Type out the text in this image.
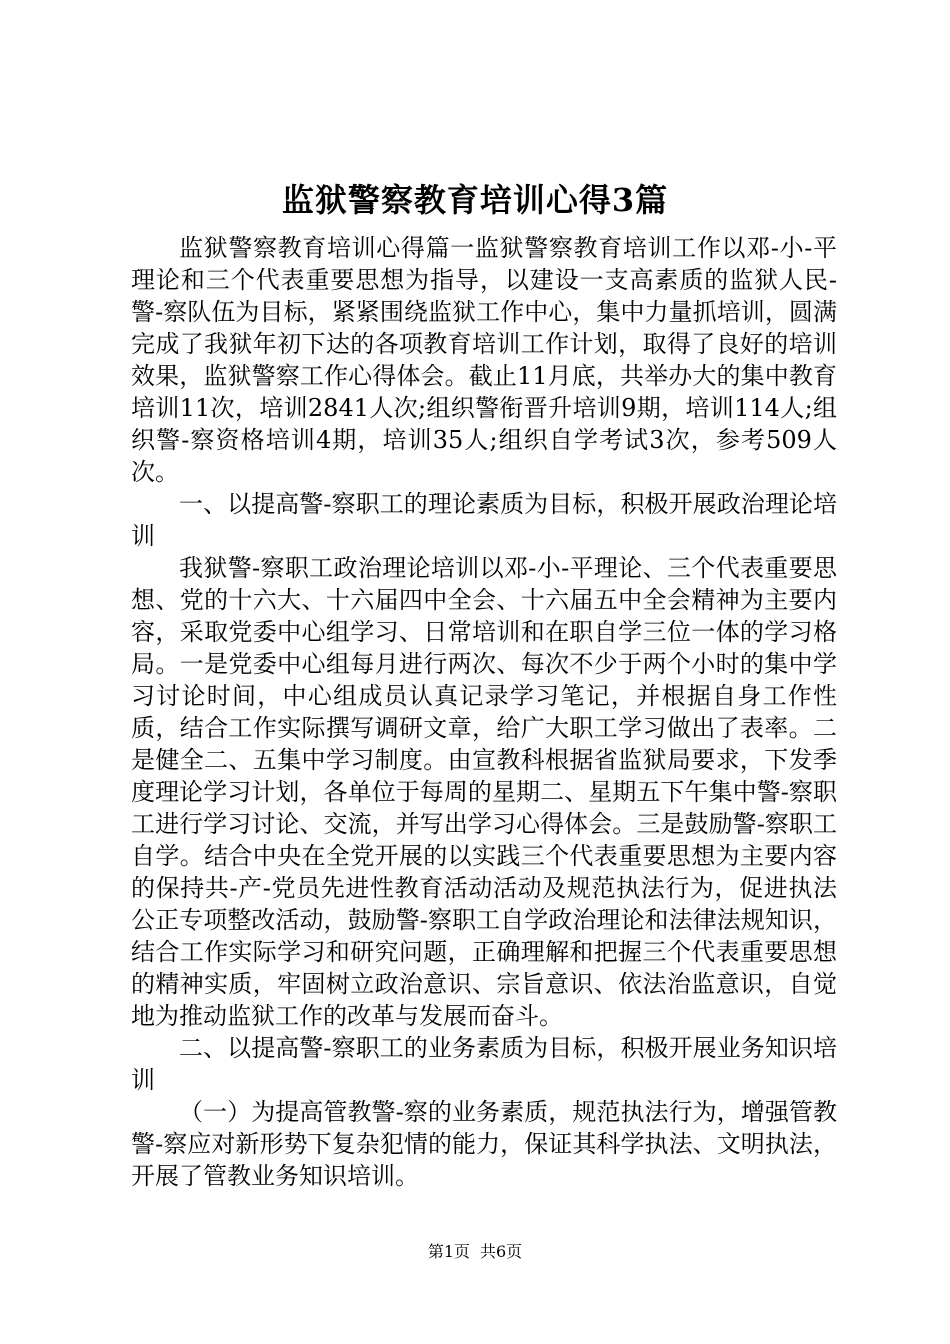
监狱警察教育培训心得3篇

监狱警察教育培训心得篇一监狱警察教育培训工作以邓-小-平理论和三个代表重要思想为指导，以建设一支高素质的监狱人民-警-察队伍为目标，紧紧围绕监狱工作中心，集中力量抓培训，圆满完成了我狱年初下达的各项教育培训工作计划，取得了良好的培训效果，监狱警察工作心得体会。截止11月底，共举办大的集中教育培训11次，培训2841人次;组织警衔晋升培训9期，培训114人;组织警-察资格培训4期，培训35人;组织自学考试3次，参考509人次。

一、以提高警-察职工的理论素质为目标，积极开展政治理论培训

我狱警-察职工政治理论培训以邓-小-平理论、三个代表重要思想、党的十六大、十六届四中全会、十六届五中全会精神为主要内容，采取党委中心组学习、日常培训和在职自学三位一体的学习格局。一是党委中心组每月进行两次、每次不少于两个小时的集中学习讨论时间，中心组成员认真记录学习笔记，并根据自身工作性质，结合工作实际撰写调研文章，给广大职工学习做出了表率。二是健全二、五集中学习制度。由宣教科根据省监狱局要求，下发季度理论学习计划，各单位于每周的星期二、星期五下午集中警-察职工进行学习讨论、交流，并写出学习心得体会。三是鼓励警-察职工自学。结合中央在全党开展的以实践三个代表重要思想为主要内容的保持共-产-党员先进性教育活动活动及规范执法行为，促进执法公正专项整改活动，鼓励警-察职工自学政治理论和法律法规知识，结合工作实际学习和研究问题，正确理解和把握三个代表重要思想的精神实质，牢固树立政治意识、宗旨意识、依法治监意识，自觉地为推动监狱工作的改革与发展而奋斗。

二、以提高警-察职工的业务素质为目标，积极开展业务知识培训

（一）为提高管教警-察的业务素质，规范执法行为，增强管教警-察应对新形势下复杂犯情的能力，保证其科学执法、文明执法，开展了管教业务知识培训。

第1页 共6页
